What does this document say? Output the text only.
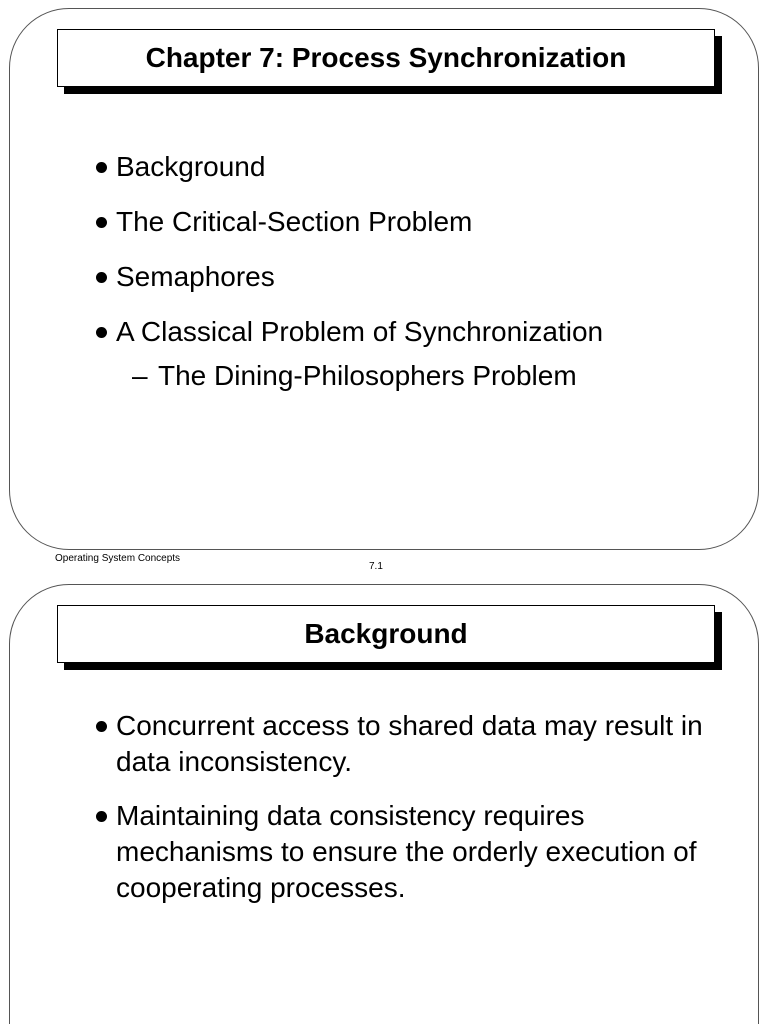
Chapter 7: Process Synchronization
Background
The Critical-Section Problem
Semaphores
A Classical Problem of Synchronization
– The Dining-Philosophers Problem
Operating System Concepts
7.1
Background
Concurrent access to shared data may result in data inconsistency.
Maintaining data consistency requires mechanisms to ensure the orderly execution of cooperating processes.
